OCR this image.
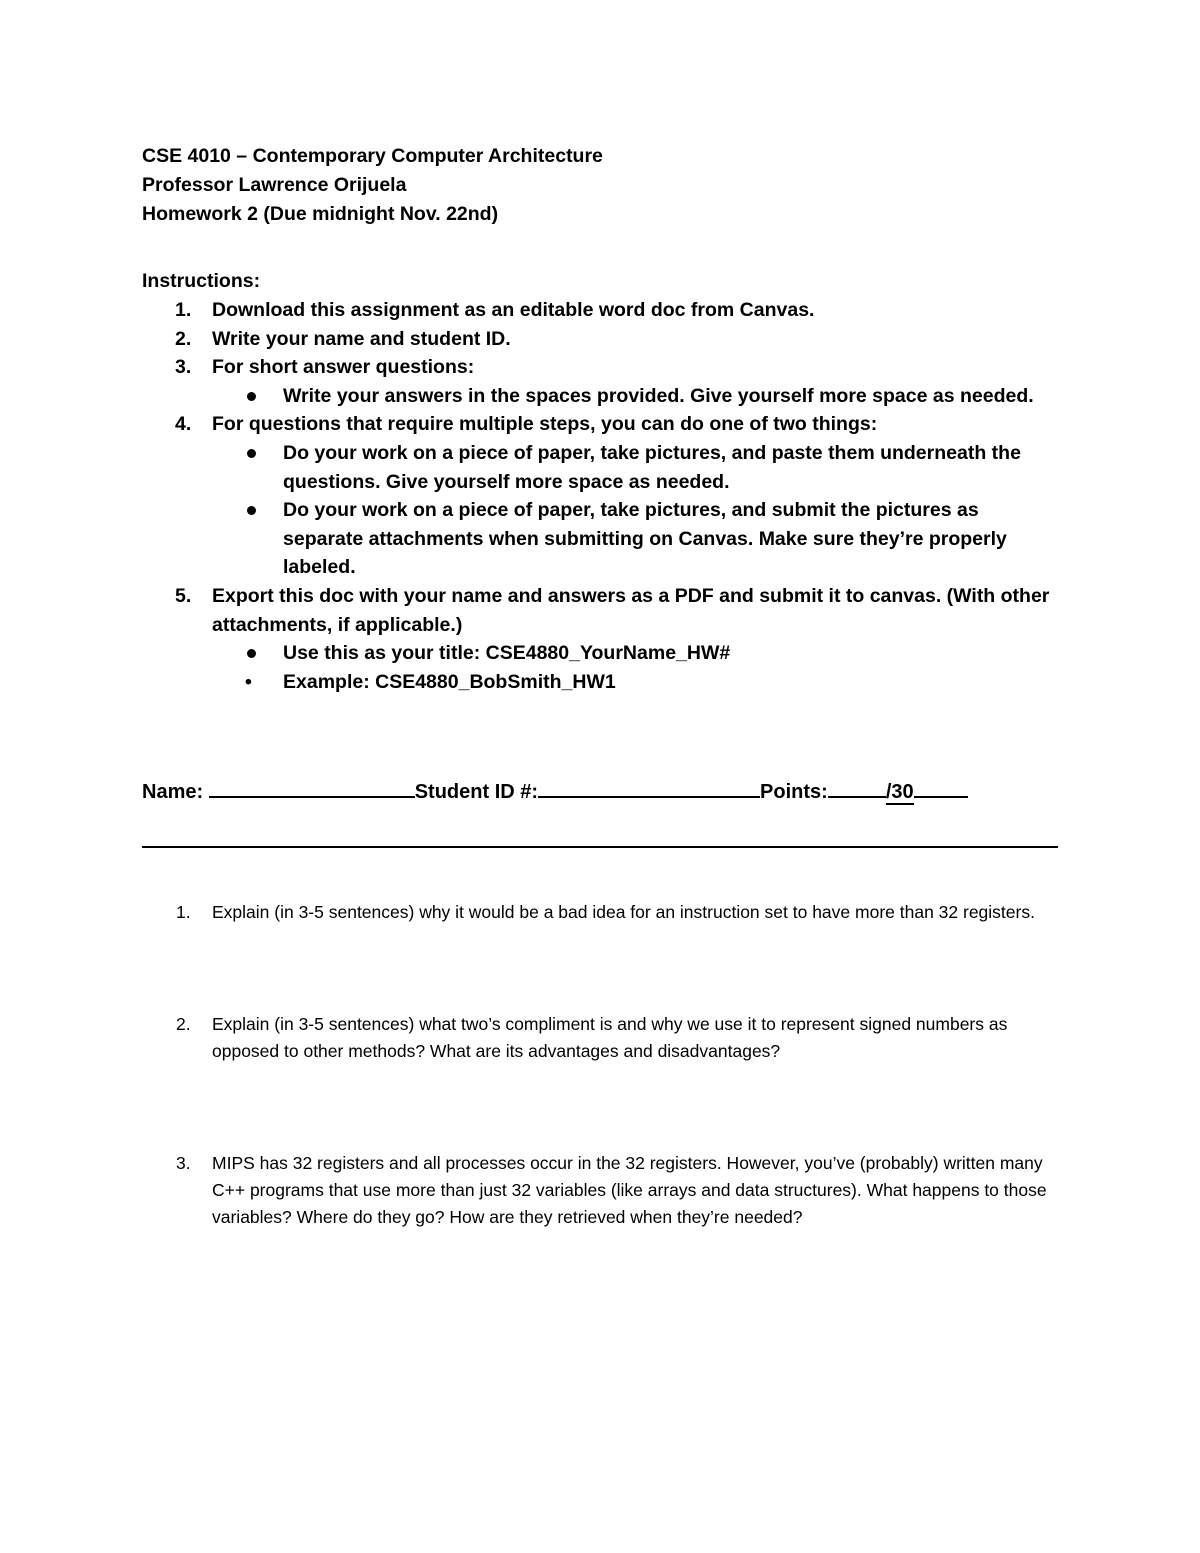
CSE 4010 – Contemporary Computer Architecture
Professor Lawrence Orijuela
Homework 2 (Due midnight Nov. 22nd)
Instructions:
1. Download this assignment as an editable word doc from Canvas.
2. Write your name and student ID.
3. For short answer questions:
Write your answers in the spaces provided. Give yourself more space as needed.
4. For questions that require multiple steps, you can do one of two things:
Do your work on a piece of paper, take pictures, and paste them underneath the questions. Give yourself more space as needed.
Do your work on a piece of paper, take pictures, and submit the pictures as separate attachments when submitting on Canvas. Make sure they’re properly labeled.
5. Export this doc with your name and answers as a PDF and submit it to canvas. (With other attachments, if applicable.)
Use this as your title: CSE4880_YourName_HW#
• Example: CSE4880_BobSmith_HW1
Name:	Student ID #:	Points:	/30
1. Explain (in 3-5 sentences) why it would be a bad idea for an instruction set to have more than 32 registers.
2. Explain (in 3-5 sentences) what two’s compliment is and why we use it to represent signed numbers as opposed to other methods? What are its advantages and disadvantages?
3. MIPS has 32 registers and all processes occur in the 32 registers. However, you’ve (probably) written many C++ programs that use more than just 32 variables (like arrays and data structures). What happens to those variables? Where do they go? How are they retrieved when they’re needed?
